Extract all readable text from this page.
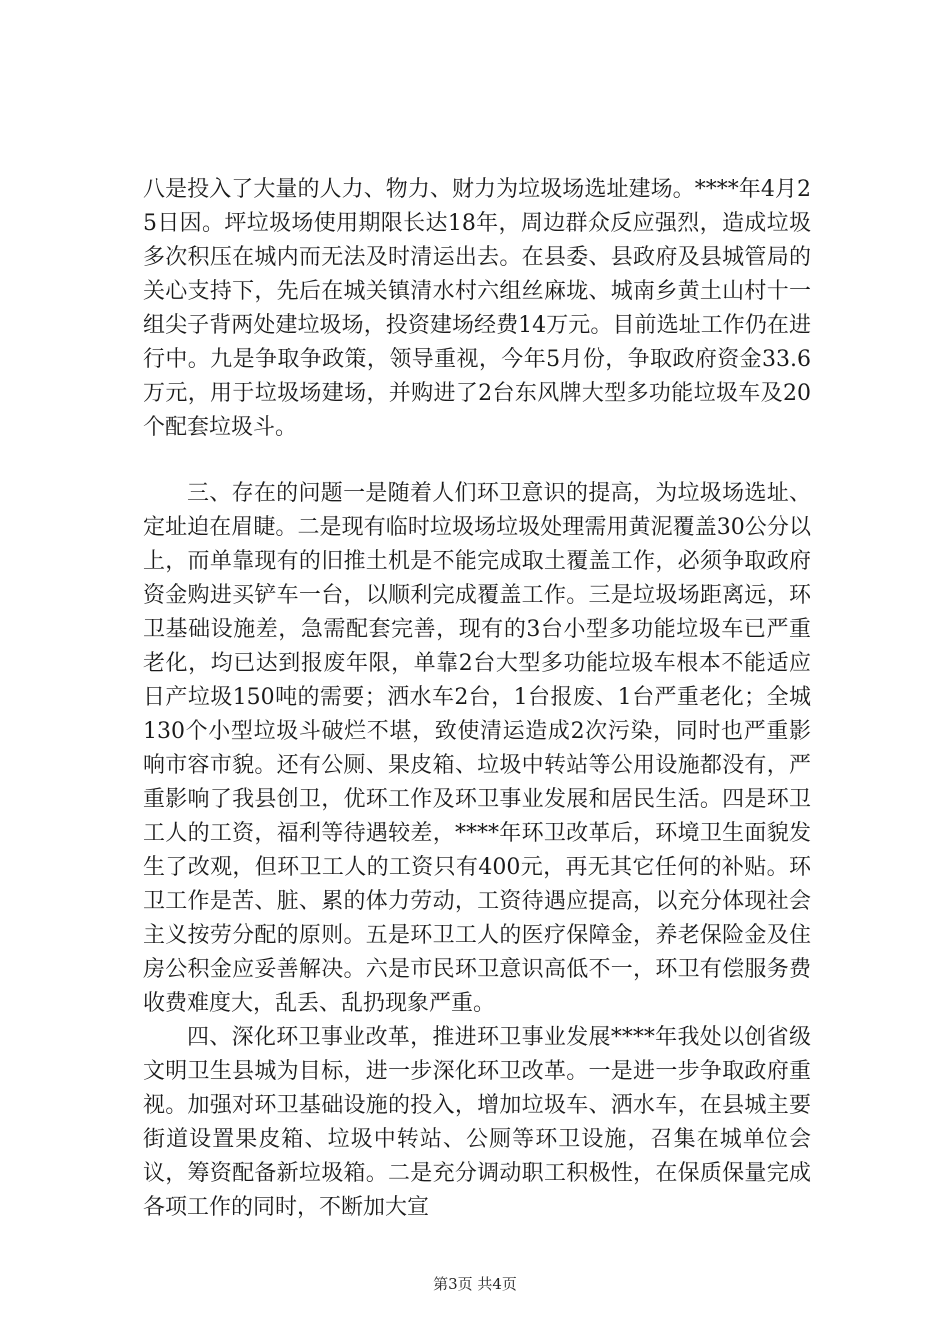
八是投入了大量的人力、物力、财力为垃圾场选址建场。****年4月25日因。坪垃圾场使用期限长达18年，周边群众反应强烈，造成垃圾多次积压在城内而无法及时清运出去。在县委、县政府及县城管局的关心支持下，先后在城关镇清水村六组丝麻垅、城南乡黄土山村十一组尖子背两处建垃圾场，投资建场经费14万元。目前选址工作仍在进行中。九是争取争政策，领导重视，今年5月份，争取政府资金33.6万元，用于垃圾场建场，并购进了2台东风牌大型多功能垃圾车及20个配套垃圾斗。

三、存在的问题一是随着人们环卫意识的提高，为垃圾场选址、定址迫在眉睫。二是现有临时垃圾场垃圾处理需用黄泥覆盖30公分以上，而单靠现有的旧推土机是不能完成取土覆盖工作，必须争取政府资金购进买铲车一台，以顺利完成覆盖工作。三是垃圾场距离远，环卫基础设施差，急需配套完善，现有的3台小型多功能垃圾车已严重老化，均已达到报废年限，单靠2台大型多功能垃圾车根本不能适应日产垃圾150吨的需要；洒水车2台，1台报废、1台严重老化；全城130个小型垃圾斗破烂不堪，致使清运造成2次污染，同时也严重影响市容市貌。还有公厕、果皮箱、垃圾中转站等公用设施都没有，严重影响了我县创卫，优环工作及环卫事业发展和居民生活。四是环卫工人的工资，福利等待遇较差，****年环卫改革后，环境卫生面貌发生了改观，但环卫工人的工资只有400元，再无其它任何的补贴。环卫工作是苦、脏、累的体力劳动，工资待遇应提高，以充分体现社会主义按劳分配的原则。五是环卫工人的医疗保障金，养老保险金及住房公积金应妥善解决。六是市民环卫意识高低不一，环卫有偿服务费收费难度大，乱丢、乱扔现象严重。

四、深化环卫事业改革，推进环卫事业发展****年我处以创省级文明卫生县城为目标，进一步深化环卫改革。一是进一步争取政府重视。加强对环卫基础设施的投入，增加垃圾车、洒水车，在县城主要街道设置果皮箱、垃圾中转站、公厕等环卫设施，召集在城单位会议，筹资配备新垃圾箱。二是充分调动职工积极性，在保质保量完成各项工作的同时，不断加大宣

第3页 共4页
